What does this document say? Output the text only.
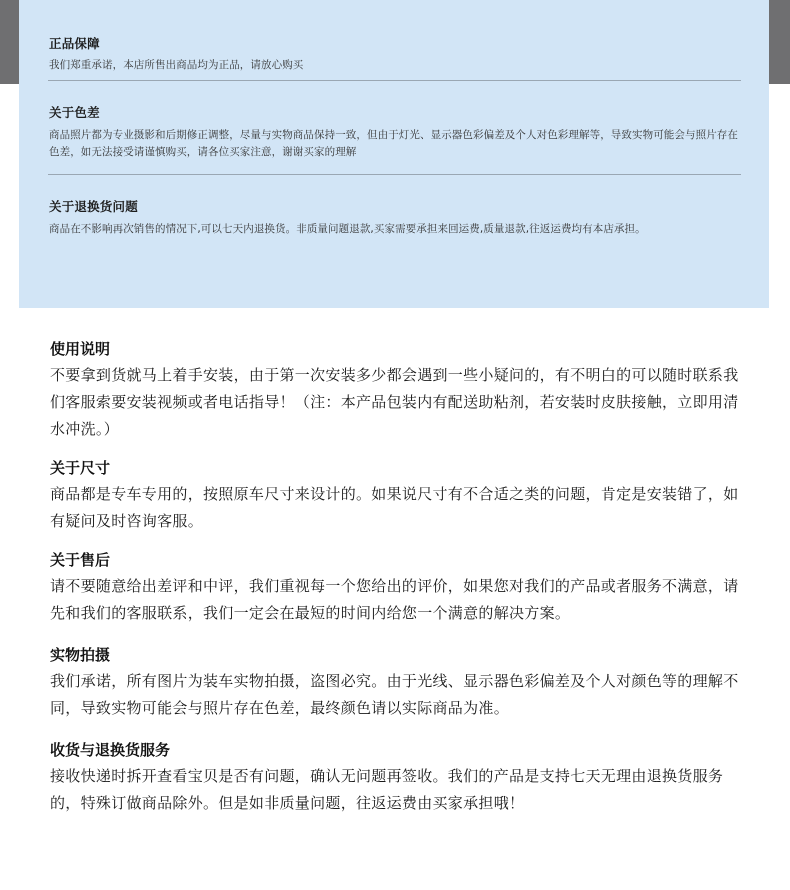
正品保障

我们郑重承诺，本店所售出商品均为正品，请放心购买

关于色差

商品照片都为专业摄影和后期修正调整，尽量与实物商品保持一致，但由于灯光、显示器色彩偏差及个人对色彩理解等，导致实物可能会与照片存在色差，如无法接受请谨慎购买，请各位买家注意，谢谢买家的理解

关于退换货问题

商品在不影响再次销售的情况下,可以七天内退换货。非质量问题退款,买家需要承担来回运费,质量退款,往返运费均有本店承担。

使用说明

不要拿到货就马上着手安装，由于第一次安装多少都会遇到一些小疑问的，有不明白的可以随时联系我们客服索要安装视频或者电话指导！（注：本产品包装内有配送助粘剂，若安装时皮肤接触，立即用清水冲洗。）

关于尺寸

商品都是专车专用的，按照原车尺寸来设计的。如果说尺寸有不合适之类的问题，肯定是安装错了，如有疑问及时咨询客服。

关于售后

请不要随意给出差评和中评，我们重视每一个您给出的评价，如果您对我们的产品或者服务不满意，请先和我们的客服联系，我们一定会在最短的时间内给您一个满意的解决方案。

实物拍摄

我们承诺，所有图片为装车实物拍摄，盗图必究。由于光线、显示器色彩偏差及个人对颜色等的理解不同，导致实物可能会与照片存在色差，最终颜色请以实际商品为准。

收货与退换货服务

接收快递时拆开查看宝贝是否有问题，确认无问题再签收。我们的产品是支持七天无理由退换货服务的，特殊订做商品除外。但是如非质量问题，往返运费由买家承担哦！
